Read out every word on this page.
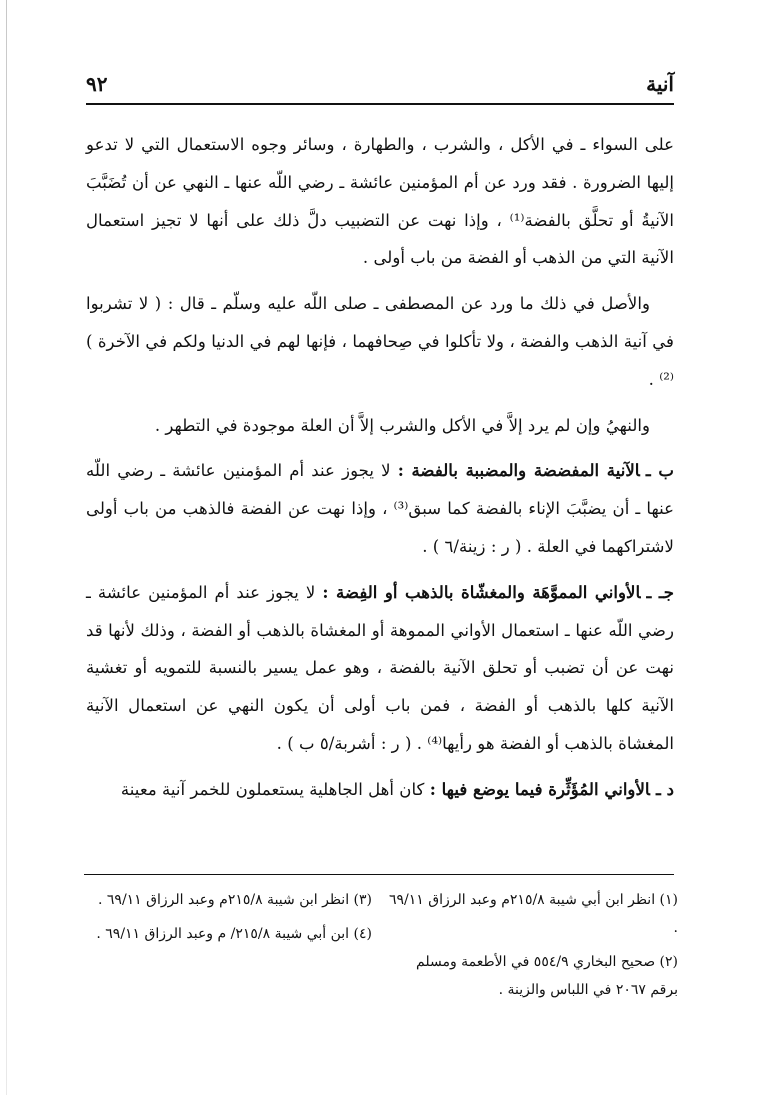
آنية
٩٢

على السواء ـ في الأكل ، والشرب ، والطهارة ، وسائر وجوه الاستعمال التي لا تدعو إليها الضرورة . فقد ورد عن أم المؤمنين عائشة ـ رضي اللّه عنها ـ النهي عن أن تُضَبَّبَ الآنيةُ أو تحلَّق بالفضة⁽¹⁾ ، وإذا نهت عن التضبيب دلَّ ذلك على أنها لا تجيز استعمال الآنية التي من الذهب أو الفضة من باب أولى .

والأصل في ذلك ما ورد عن المصطفى ـ صلى اللّه عليه وسلّم ـ قال : ( لا تشربوا في آنية الذهب والفضة ، ولا تأكلوا في صِحافهما ، فإنها لهم في الدنيا ولكم في الآخرة )⁽²⁾ .

والنهيُ وإن لم يرد إلاَّ في الأكل والشرب إلاَّ أن العلة موجودة في التطهر .

ب ـالآنية المفضضة والمضببة بالفضة : لا يجوز عند أم المؤمنين عائشة ـ رضي اللّه عنها ـ أن يضبَّبَ الإناء بالفضة كما سبق⁽³⁾ ، وإذا نهت عن الفضة فالذهب من باب أولى لاشتراكهما في العلة . ( ر : زينة/٦ ) .

جـ ـالأواني المموَّهَة والمغشّاة بالذهب أو الفِضة : لا يجوز عند أم المؤمنين عائشة ـ رضي اللّه عنها ـ استعمال الأواني المموهة أو المغشاة بالذهب أو الفضة ، وذلك لأنها قد نهت عن أن تضبب أو تحلق الآنية بالفضة ، وهو عمل يسير بالنسبة للتمويه أو تغشية الآنية كلها بالذهب أو الفضة ، فمن باب أولى أن يكون النهي عن استعمال الآنية المغشاة بالذهب أو الفضة هو رأيها⁽⁴⁾ . ( ر : أشربة/٥ ب ) .

د ـالأواني المُؤَثِّرة فيما يوضع فيها : كان أهل الجاهلية يستعملون للخمر آنية معينة

(١) انظر ابن أبي شيبة ٢١٥/٨م وعبد الرزاق ٦٩/١١ .

(٢) صحيح البخاري ٥٥٤/٩ في الأطعمة ومسلم برقم ٢٠٦٧ في اللباس والزينة .

(٣) انظر ابن شيبة ٢١٥/٨م وعبد الرزاق ٦٩/١١ .

(٤) ابن أبي شيبة ٢١٥/٨/ م وعبد الرزاق ٦٩/١١ .
